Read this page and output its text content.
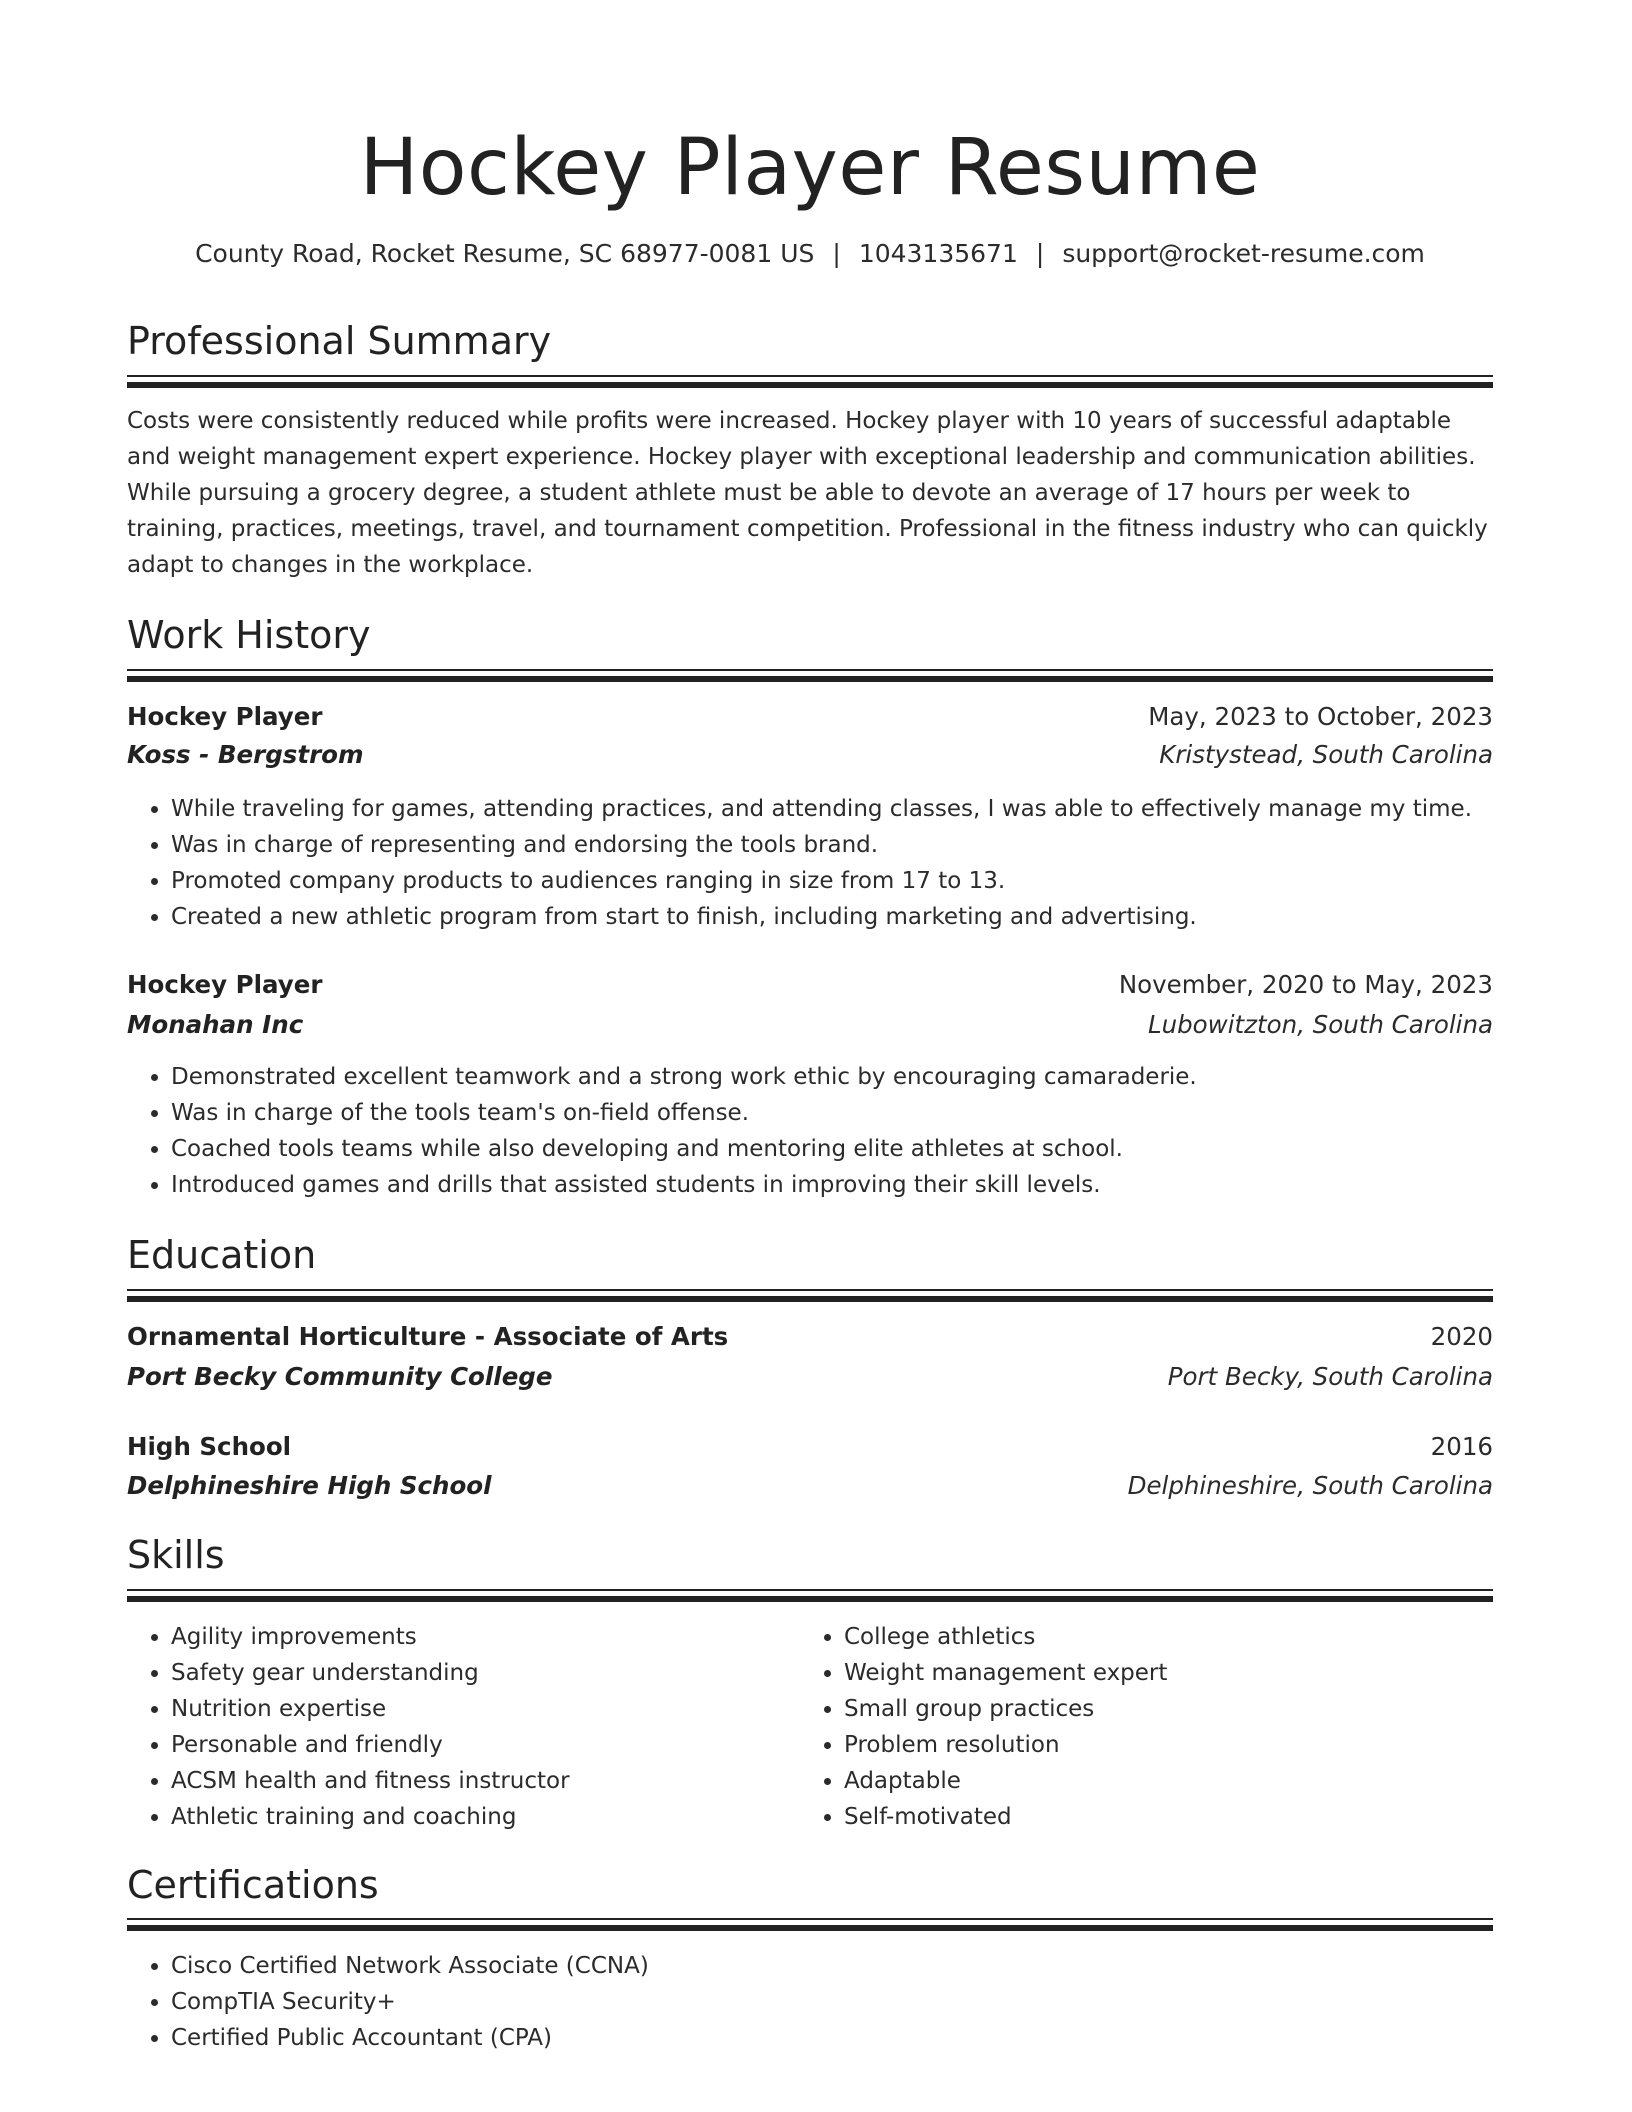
Hockey Player Resume
County Road, Rocket Resume, SC 68977-0081 US | 1043135671 | support@rocket-resume.com
Professional Summary

Costs were consistently reduced while profits were increased. Hockey player with 10 years of successful adaptable and weight management expert experience. Hockey player with exceptional leadership and communication abilities. While pursuing a grocery degree, a student athlete must be able to devote an average of 17 hours per week to training, practices, meetings, travel, and tournament competition. Professional in the fitness industry who can quickly adapt to changes in the workplace.

Work History
Hockey Player	May, 2023 to October, 2023
Koss - Bergstrom	Kristystead, South Carolina
• While traveling for games, attending practices, and attending classes, I was able to effectively manage my time.
• Was in charge of representing and endorsing the tools brand.
• Promoted company products to audiences ranging in size from 17 to 13.
• Created a new athletic program from start to finish, including marketing and advertising.
Hockey Player	November, 2020 to May, 2023
Monahan Inc	Lubowitzton, South Carolina
• Demonstrated excellent teamwork and a strong work ethic by encouraging camaraderie.
• Was in charge of the tools team's on-field offense.
• Coached tools teams while also developing and mentoring elite athletes at school.
• Introduced games and drills that assisted students in improving their skill levels.
Education
Ornamental Horticulture - Associate of Arts	2020
Port Becky Community College	Port Becky, South Carolina
High School	2016
Delphineshire High School	Delphineshire, South Carolina
Skills
• Agility improvements
• Safety gear understanding
• Nutrition expertise
• Personable and friendly
• ACSM health and fitness instructor
• Athletic training and coaching
• College athletics
• Weight management expert
• Small group practices
• Problem resolution
• Adaptable
• Self-motivated
Certifications
• Cisco Certified Network Associate (CCNA)
• CompTIA Security+
• Certified Public Accountant (CPA)
